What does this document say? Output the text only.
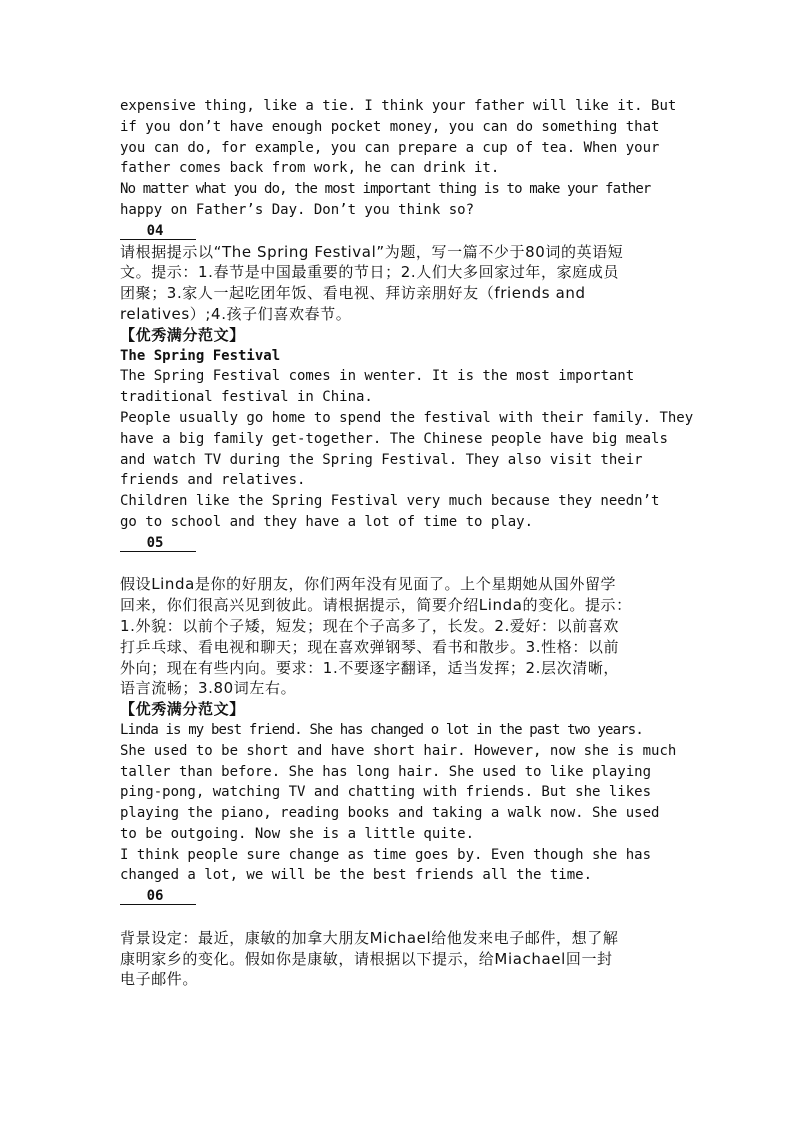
expensive thing, like a tie. I think your father will like it. But
if you don’t have enough pocket money, you can do something that
you can do, for example, you can prepare a cup of tea. When your
father comes back from work, he can drink it.
No matter what you do, the most important thing is to make your father
happy on Father’s Day. Don’t you think so?
04
请根据提示以“The Spring Festival”为题，写一篇不少于80词的英语短
文。提示：1.春节是中国最重要的节日；2.人们大多回家过年，家庭成员
团聚；3.家人一起吃团年饭、看电视、拜访亲朋好友（friends and
relatives）;4.孩子们喜欢春节。
【优秀满分范文】
The Spring Festival
The Spring Festival comes in wenter. It is the most important
traditional festival in China.
People usually go home to spend the festival with their family. They
have a big family get-together. The Chinese people have big meals
and watch TV during the Spring Festival. They also visit their
friends and relatives.
Children like the Spring Festival very much because they needn’t
go to school and they have a lot of time to play.
05
假设Linda是你的好朋友，你们两年没有见面了。上个星期她从国外留学
回来，你们很高兴见到彼此。请根据提示，简要介绍Linda的变化。提示：
1.外貌：以前个子矮，短发；现在个子高多了，长发。2.爱好：以前喜欢
打乒乓球、看电视和聊天；现在喜欢弹钢琴、看书和散步。3.性格：以前
外向；现在有些内向。要求：1.不要逐字翻译，适当发挥；2.层次清晰，
语言流畅；3.80词左右。
【优秀满分范文】
Linda is my best friend. She has changed o lot in the past two years.
She used to be short and have short hair. However, now she is much
taller than before. She has long hair. She used to like playing
ping-pong, watching TV and chatting with friends. But she likes
playing the piano, reading books and taking a walk now. She used
to be outgoing. Now she is a little quite.
I think people sure change as time goes by. Even though she has
changed a lot, we will be the best friends all the time.
06
背景设定：最近，康敏的加拿大朋友Michael给他发来电子邮件，想了解
康明家乡的变化。假如你是康敏，请根据以下提示，给Miachael回一封
电子邮件。
